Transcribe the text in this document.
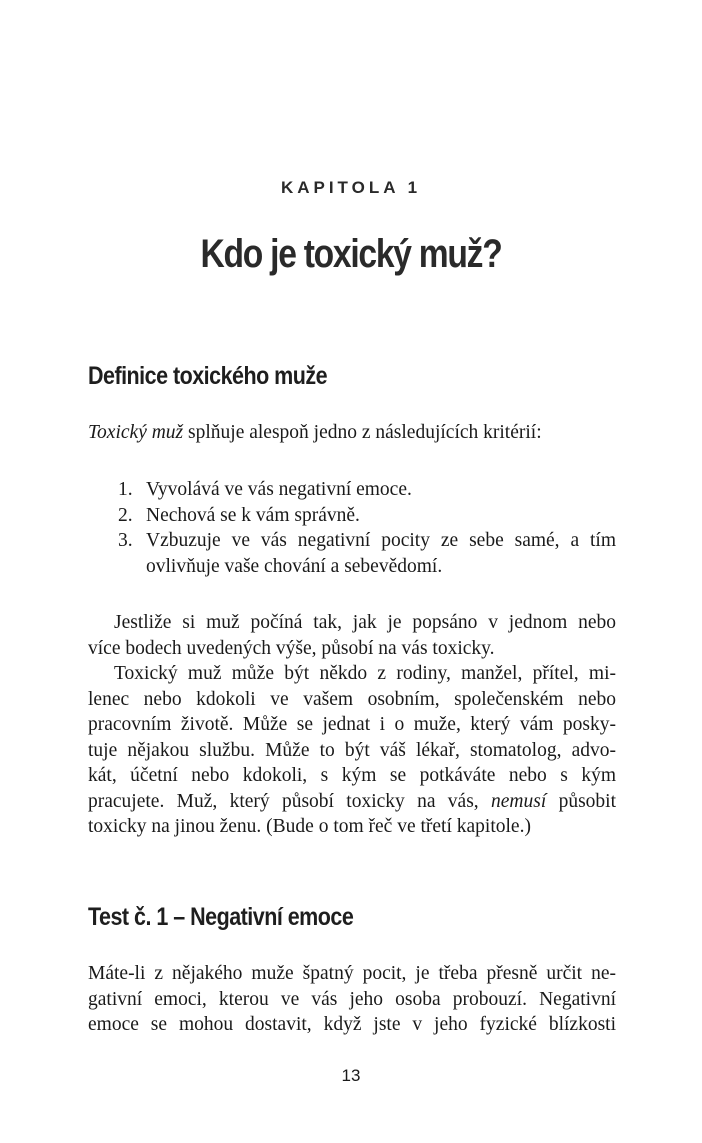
KAPITOLA 1
Kdo je toxický muž?
Definice toxického muže
Toxický muž splňuje alespoň jedno z následujících kritérií:
1. Vyvolává ve vás negativní emoce.
2. Nechová se k vám správně.
3. Vzbuzuje ve vás negativní pocity ze sebe samé, a tím
ovlivňuje vaše chování a sebevědomí.
Jestliže si muž počíná tak, jak je popsáno v jednom nebo
více bodech uvedených výše, působí na vás toxicky.
Toxický muž může být někdo z rodiny, manžel, přítel, mi-
lenec nebo kdokoli ve vašem osobním, společenském nebo
pracovním životě. Může se jednat i o muže, který vám posky-
tuje nějakou službu. Může to být váš lékař, stomatolog, advo-
kát, účetní nebo kdokoli, s kým se potkáváte nebo s kým
pracujete. Muž, který působí toxicky na vás, nemusí působit
toxicky na jinou ženu. (Bude o tom řeč ve třetí kapitole.)
Test č. 1 – Negativní emoce
Máte-li z nějakého muže špatný pocit, je třeba přesně určit ne-
gativní emoci, kterou ve vás jeho osoba probouzí. Negativní
emoce se mohou dostavit, když jste v jeho fyzické blízkosti
13
